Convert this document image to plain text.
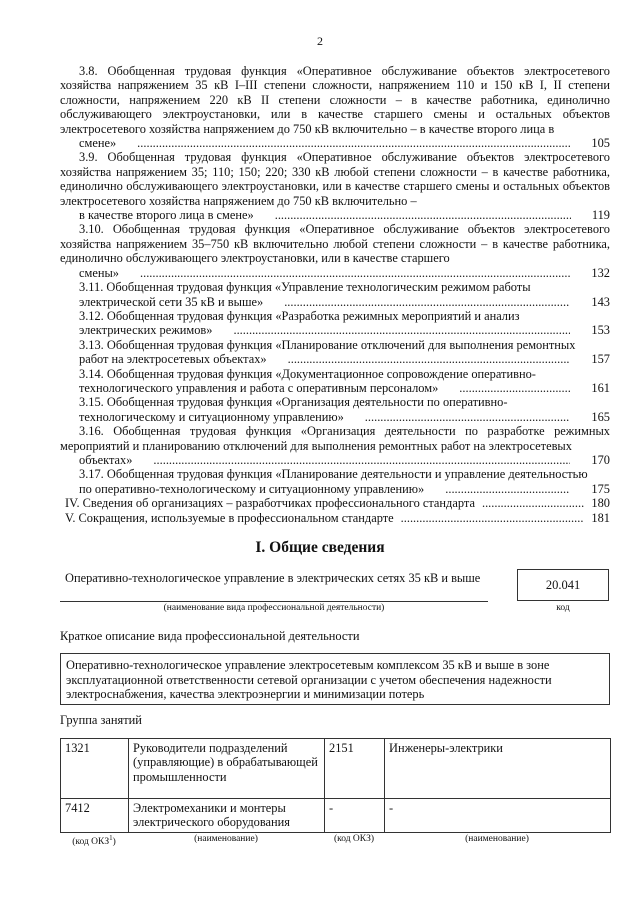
2
3.8. Обобщенная трудовая функция «Оперативное обслуживание объектов электросетевого хозяйства напряжением 35 кВ I–III степени сложности, напряжением 110 и 150 кВ I, II степени сложности, напряжением 220 кВ II степени сложности – в качестве работника, единолично обслуживающего электроустановки, или в качестве старшего смены и остальных объектов электросетевого хозяйства напряжением до 750 кВ включительно – в качестве второго лица в
смене» .....	105
3.9. Обобщенная трудовая функция «Оперативное обслуживание объектов электросетевого хозяйства напряжением 35; 110; 150; 220; 330 кВ любой степени сложности – в качестве работника, единолично обслуживающего электроустановки, или в качестве старшего смены и остальных объектов электросетевого хозяйства напряжением до 750 кВ включительно –
в качестве второго лица в смене» .....	119
3.10. Обобщенная трудовая функция «Оперативное обслуживание объектов электросетевого хозяйства напряжением 35–750 кВ включительно любой степени сложности – в качестве работника, единолично обслуживающего электроустановки, или в качестве старшего
смены» .....	132
3.11. Обобщенная трудовая функция «Управление технологическим режимом работы
электрической сети 35 кВ и выше» .....	143
3.12. Обобщенная трудовая функция «Разработка режимных мероприятий и анализ
электрических режимов» .....	153
3.13. Обобщенная трудовая функция «Планирование отключений для выполнения ремонтных
работ на электросетевых объектах» .....	157
3.14. Обобщенная трудовая функция «Документационное сопровождение оперативно-
технологического управления и работа с оперативным персоналом» .....	161
3.15. Обобщенная трудовая функция «Организация деятельности по оперативно-
технологическому и ситуационному управлению» .....	165
3.16. Обобщенная трудовая функция «Организация деятельности по разработке режимных мероприятий и планированию отключений для выполнения ремонтных работ на электросетевых
объектах» .....	170
3.17. Обобщенная трудовая функция «Планирование деятельности и управление деятельностью
по оперативно-технологическому и ситуационному управлению» .....	175
IV. Сведения об организациях – разработчиках профессионального стандарта .....	180
V. Сокращения, используемые в профессиональном стандарте .....	181
I. Общие сведения
Оперативно-технологическое управление в электрических сетях 35 кВ и выше
(наименование вида профессиональной деятельности)
20.041
код
Краткое описание вида профессиональной деятельности
Оперативно-технологическое управление электросетевым комплексом 35 кВ и выше в зоне эксплуатационной ответственности сетевой организации с учетом обеспечения надежности электроснабжения, качества электроэнергии и минимизации потерь
Группа занятий
1321	Руководители подразделений (управляющие) в обрабатывающей промышленности	2151	Инженеры-электрики
7412	Электромеханики и монтеры электрического оборудования	-	-
(код ОКЗ$^1$)	(наименование)	(код ОКЗ)	(наименование)
